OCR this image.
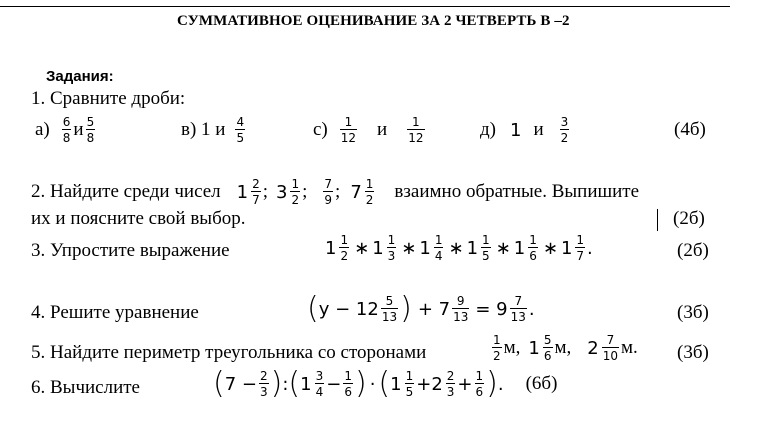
СУММАТИВНОЕ ОЦЕНИВАНИЕ ЗА 2 ЧЕТВЕРТЬ В –2
Задания:
1. Сравните дроби:
$а) \frac{6}{8}$ и $\frac{5}{8}$	в) 1 и $\frac{4}{5}$	$с) \frac{1}{12}$ и $\frac{1}{12}$	д) 1 и $\frac{3}{2}$	(4б)
2. Найдите среди чисел $1 \frac{2}{7}$ ; $3 \frac{1}{2}$ ; $\frac{7}{9}$ ; $7 \frac{1}{2}$ взаимно обратные. Выпишите
их и поясните свой выбор.	(2б)
3. Упростите выражение	$1 \frac{1}{2}$ ∗ $1 \frac{1}{3}$ ∗ $1 \frac{1}{4}$ ∗ $1 \frac{1}{5}$ ∗ $1 \frac{1}{6}$ ∗ $1 \frac{1}{7}$ .	(2б)
4. Решите уравнение	( $y - 12 \frac{5}{13}$ ) + $7 \frac{9}{13} = 9 \frac{7}{13}$ .	(3б)
5. Найдите периметр треугольника со сторонами	$\frac{1}{2} м$, $1 \frac{5}{6} м$, $2 \frac{7}{10} м$. (3б)
6. Вычислите ( $7 - \frac{2}{3}$ ) : ( $1 \frac{3}{4} - \frac{1}{6}$ ) · ( $1 \frac{1}{5} + 2 \frac{2}{3} + \frac{1}{6}$ ) . (6б)
